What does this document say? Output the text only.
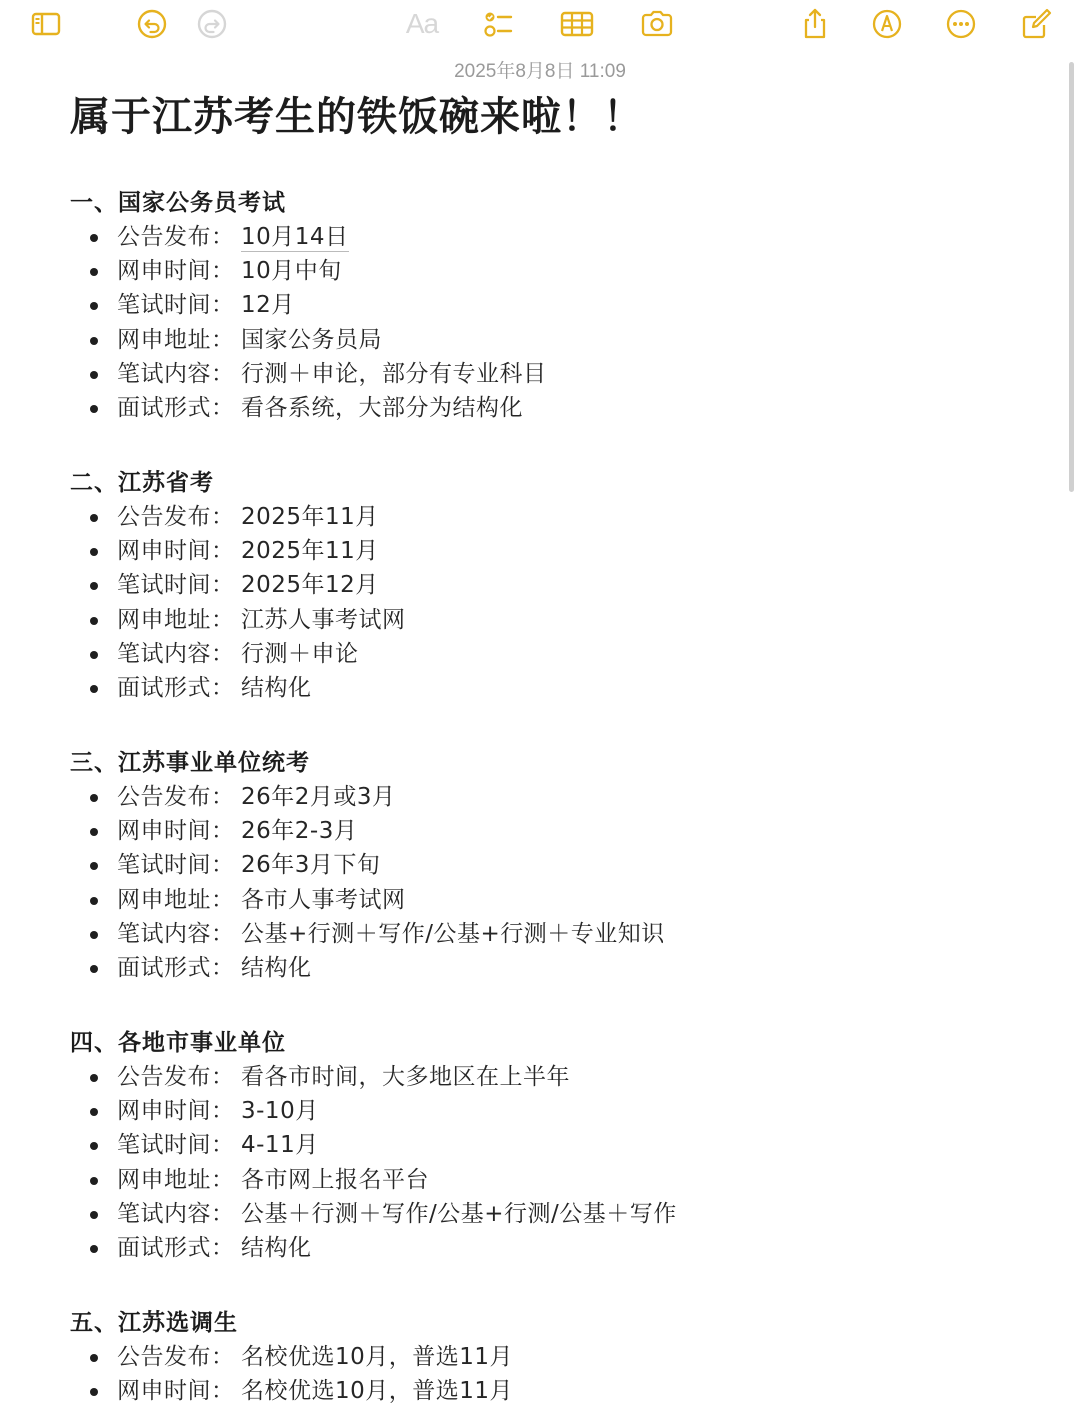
Aa
2025年8月8日 11:09
属于江苏考生的铁饭碗来啦！！
一、国家公务员考试
公告发布： 10月14日
网申时间： 10月中旬
笔试时间： 12月
网申地址： 国家公务员局
笔试内容： 行测＋申论，部分有专业科目
面试形式： 看各系统，大部分为结构化
二、江苏省考
公告发布： 2025年11月
网申时间： 2025年11月
笔试时间： 2025年12月
网申地址： 江苏人事考试网
笔试内容： 行测＋申论
面试形式： 结构化
三、江苏事业单位统考
公告发布： 26年2月或3月
网申时间： 26年2-3月
笔试时间： 26年3月下旬
网申地址： 各市人事考试网
笔试内容： 公基+行测＋写作/公基+行测＋专业知识
面试形式： 结构化
四、各地市事业单位
公告发布： 看各市时间，大多地区在上半年
网申时间： 3-10月
笔试时间： 4-11月
网申地址： 各市网上报名平台
笔试内容： 公基＋行测＋写作/公基+行测/公基＋写作
面试形式： 结构化
五、江苏选调生
公告发布： 名校优选10月，普选11月
网申时间： 名校优选10月，普选11月
